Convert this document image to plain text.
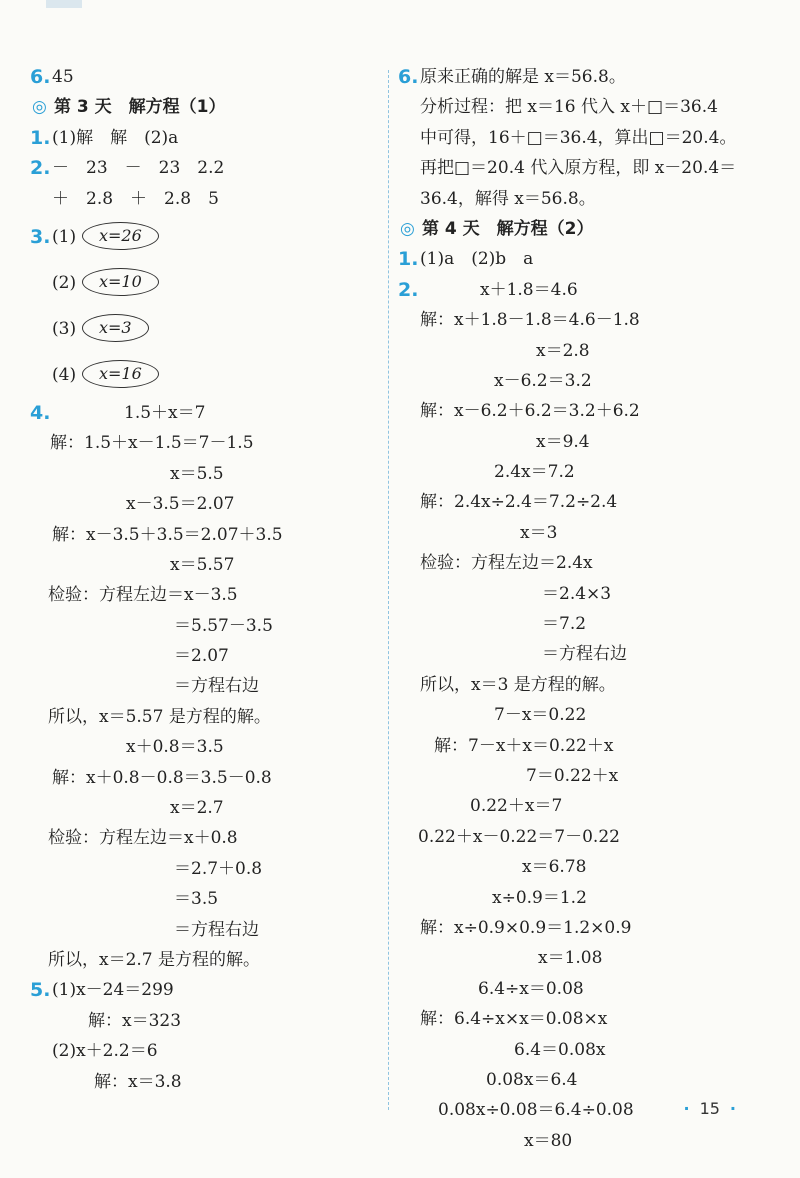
6. 45
◎ 第 3 天　解方程（1）
1. (1)解　解　(2)a
2. －　23　－　23　2.2
＋　2.8　＋　2.8　5
3. (1)	x=26
(2)	x=10
(3)	x=3
(4)	x=16
4.	1.5＋x＝7
解：1.5＋x－1.5＝7－1.5
x＝5.5
x－3.5＝2.07
解：x－3.5＋3.5＝2.07＋3.5
x＝5.57
检验：方程左边＝x－3.5
＝5.57－3.5
＝2.07
＝方程右边
所以，x＝5.57 是方程的解。
x＋0.8＝3.5
解：x＋0.8－0.8＝3.5－0.8
x＝2.7
检验：方程左边＝x＋0.8
＝2.7＋0.8
＝3.5
＝方程右边
所以，x＝2.7 是方程的解。
5. (1)x－24＝299
解：x＝323
(2)x＋2.2＝6
解：x＝3.8
6. 原来正确的解是 x＝56.8。
分析过程：把 x＝16 代入 x＋□＝36.4
中可得，16＋□＝36.4，算出□＝20.4。
再把□＝20.4 代入原方程，即 x－20.4＝
36.4，解得 x＝56.8。
◎ 第 4 天　解方程（2）
1. (1)a　(2)b　a
2.	x＋1.8＝4.6
解：x＋1.8－1.8＝4.6－1.8
x＝2.8
x－6.2＝3.2
解：x－6.2＋6.2＝3.2＋6.2
x＝9.4
2.4x＝7.2
解：2.4x÷2.4＝7.2÷2.4
x＝3
检验：方程左边＝2.4x
＝2.4×3
＝7.2
＝方程右边
所以，x＝3 是方程的解。
7－x＝0.22
解：7－x＋x＝0.22＋x
7＝0.22＋x
0.22＋x＝7
0.22＋x－0.22＝7－0.22
x＝6.78
x÷0.9＝1.2
解：x÷0.9×0.9＝1.2×0.9
x＝1.08
6.4÷x＝0.08
解：6.4÷x×x＝0.08×x
6.4＝0.08x
0.08x＝6.4
0.08x÷0.08＝6.4÷0.08
x＝80
· 15 ·
